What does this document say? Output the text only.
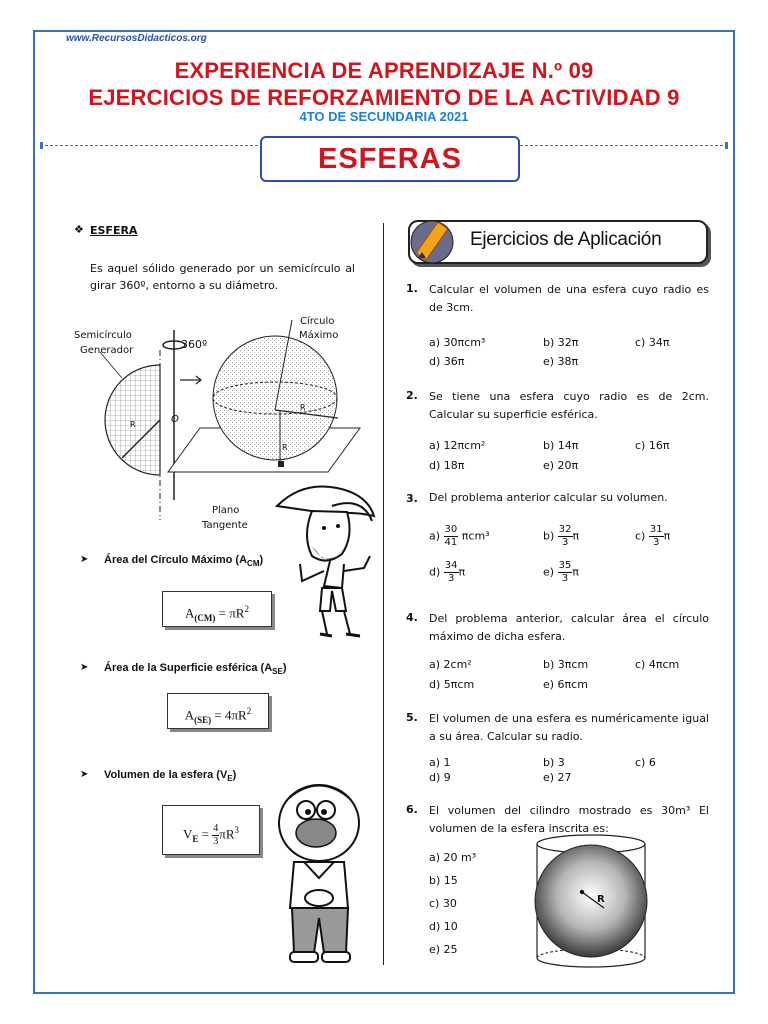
www.RecursosDidacticos.org
EXPERIENCIA DE APRENDIZAJE N.º 09
EJERCICIOS DE REFORZAMIENTO DE LA ACTIVIDAD 9
4TO DE SECUNDARIA 2021
ESFERAS
❖ ESFERA
Es aquel sólido generado por un semicírculo al girar 360º, entorno a su diámetro.
Semicírculo
Generador	360º
Círculo
Máximo
R
R
R
O
Plano
Tangente
➤ Área del Círculo Máximo $(A_{CM})$
$A_{(CM)} = \pi R^2$
➤ Área de la Superficie esférica $(A_{SE})$
$A_{(SE)} = 4\pi R^2$
➤ Volumen de la esfera $(V_E)$
$V_E = \frac{4}{3} \pi R^3$
Ejercicios de Aplicación
1. Calcular el volumen de una esfera cuyo radio es de 3cm.
a) 30πcm³	b) 32π	c) 34π
d) 36π	e) 38π
2. Se tiene una esfera cuyo radio es de 2cm. Calcular su superficie esférica.
a) 12πcm²	b) 14π	c) 16π
d) 18π	e) 20π
3. Del problema anterior calcular su volumen.
$a) \frac{30}{41} \pi cm^3$	$b) \frac{32}{3}$ π	$c) \frac{31}{3}$ π
$d) \frac{34}{3}$ π	$e) \frac{35}{3}$ π
4. Del problema anterior, calcular área el círculo máximo de dicha esfera.
a) 2cm²	b) 3πcm	c) 4πcm
d) 5πcm	e) 6πcm
5. El volumen de una esfera es numéricamente igual a su área. Calcular su radio.
a) 1	b) 3	c) 6
d) 9	e) 27
6. El volumen del cilindro mostrado es 30m³ El volumen de la esfera inscrita es:
a) 20 m³
b) 15
c) 30
d) 10
e) 25
R
